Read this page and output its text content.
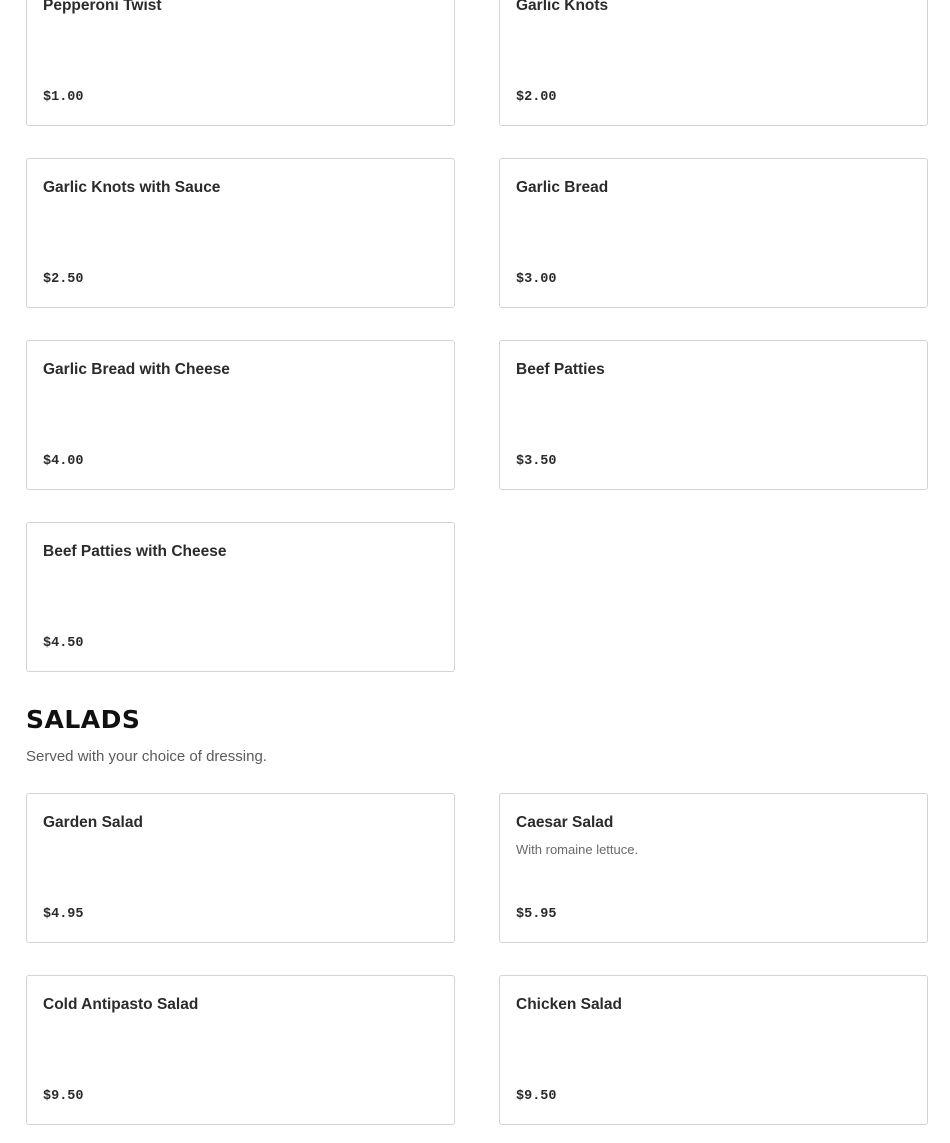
Pepperoni Twist
$1.00
Garlic Knots
$2.00
Garlic Knots with Sauce
$2.50
Garlic Bread
$3.00
Garlic Bread with Cheese
$4.00
Beef Patties
$3.50
Beef Patties with Cheese
$4.50
SALADS

Served with your choice of dressing.

Garden Salad
$4.95
Caesar Salad
With romaine lettuce.
$5.95
Cold Antipasto Salad
$9.50
Chicken Salad
$9.50
